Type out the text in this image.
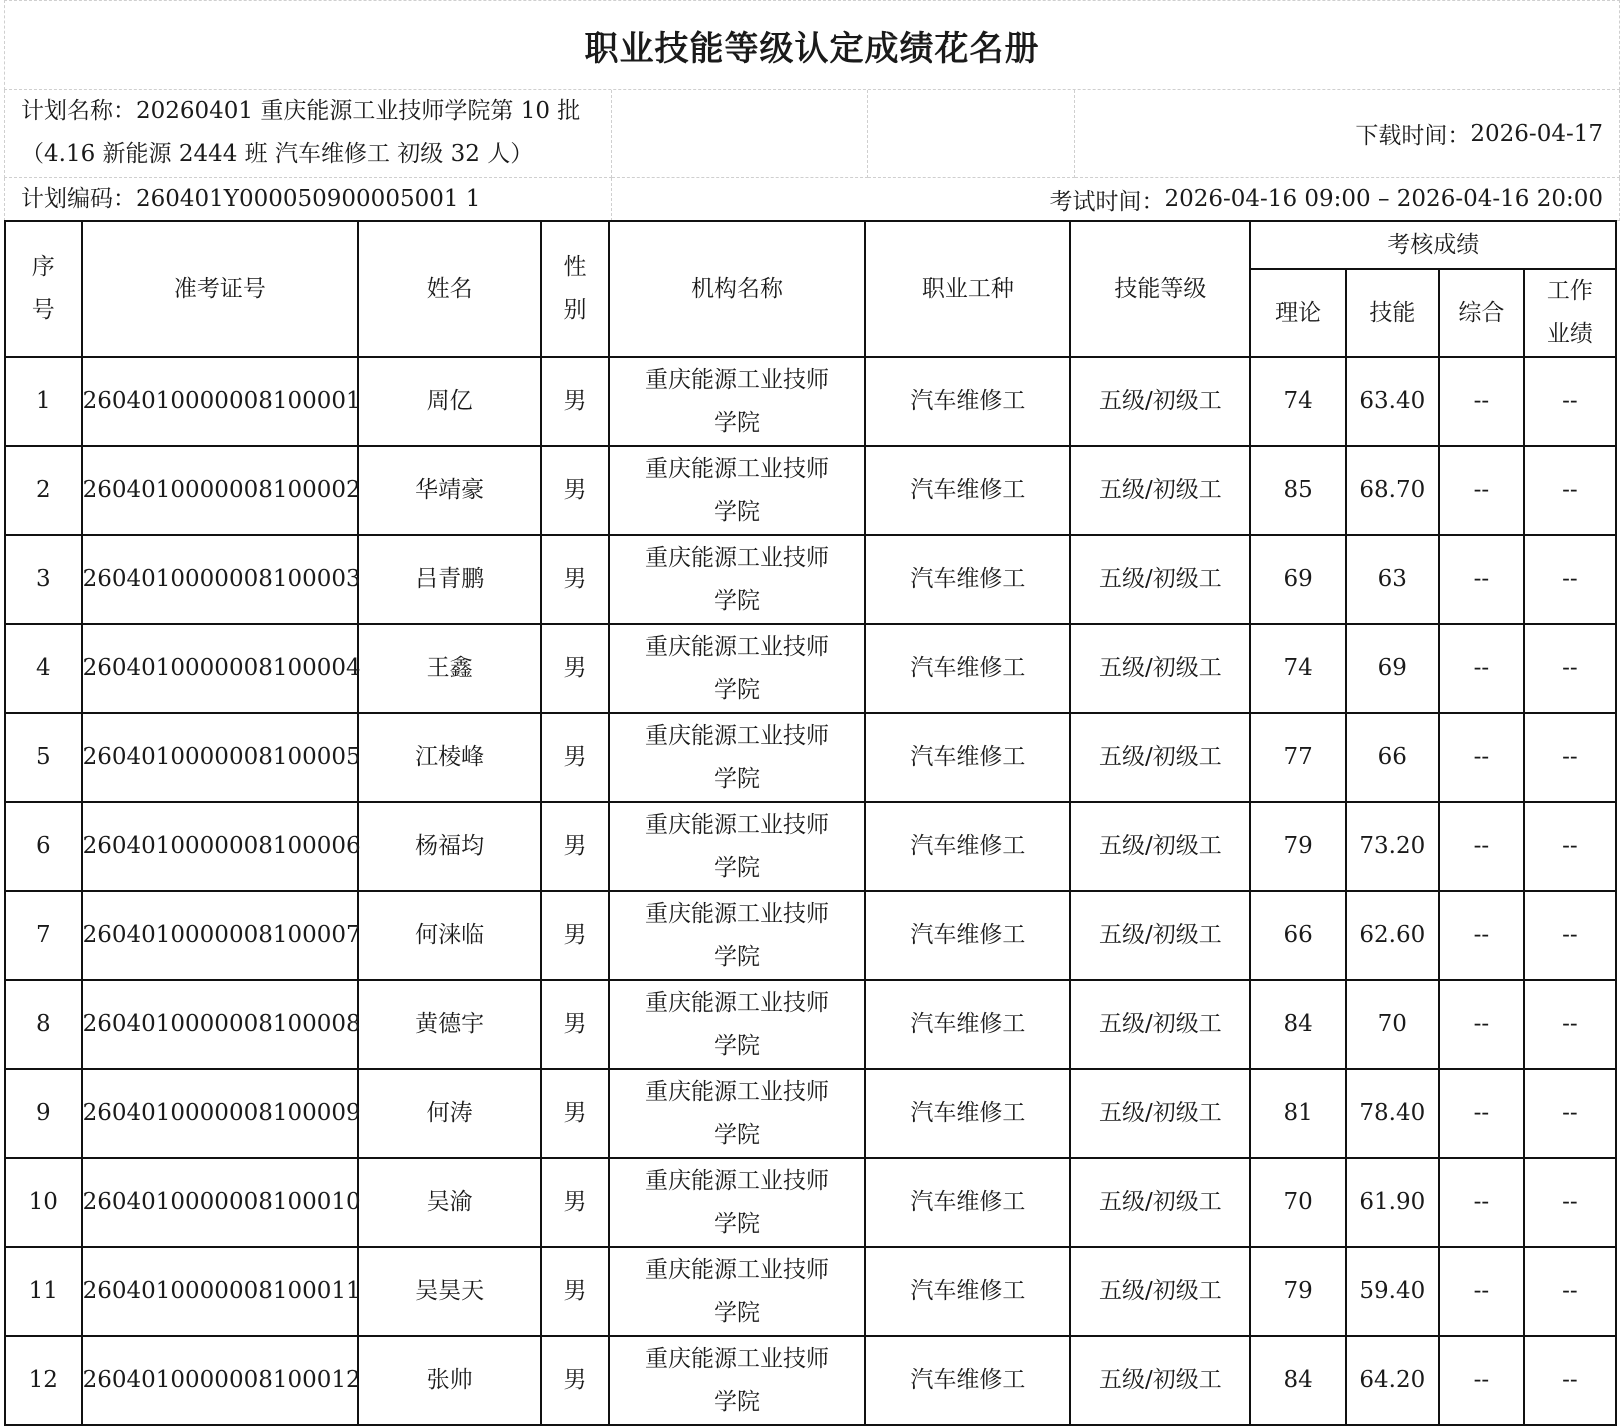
职业技能等级认定成绩花名册
计划名称：20260401 重庆能源工业技师学院第 10 批
（4.16 新能源 2444 班 汽车维修工 初级 32 人）
下载时间： 2026-04-17
计划编码：260401Y000050900005001 1	考试时间： 2026-04-16 09:00 – 2026-04-16 20:00
序
号	准考证号	姓名	性
别	机构名称	职业工种	技能等级	考核成绩			
							理论	技能	综合	工作
业绩
1	2604010000008100001	周亿	男	重庆能源工业技师
学院	汽车维修工	五级/初级工	74	63.40	--	--
2	2604010000008100002	华靖豪	男	重庆能源工业技师
学院	汽车维修工	五级/初级工	85	68.70	--	--
3	2604010000008100003	吕青鹏	男	重庆能源工业技师
学院	汽车维修工	五级/初级工	69	63	--	--
4	2604010000008100004	王鑫	男	重庆能源工业技师
学院	汽车维修工	五级/初级工	74	69	--	--
5	2604010000008100005	江棱峰	男	重庆能源工业技师
学院	汽车维修工	五级/初级工	77	66	--	--
6	2604010000008100006	杨福均	男	重庆能源工业技师
学院	汽车维修工	五级/初级工	79	73.20	--	--
7	2604010000008100007	何涞临	男	重庆能源工业技师
学院	汽车维修工	五级/初级工	66	62.60	--	--
8	2604010000008100008	黄德宇	男	重庆能源工业技师
学院	汽车维修工	五级/初级工	84	70	--	--
9	2604010000008100009	何涛	男	重庆能源工业技师
学院	汽车维修工	五级/初级工	81	78.40	--	--
10	2604010000008100010	吴渝	男	重庆能源工业技师
学院	汽车维修工	五级/初级工	70	61.90	--	--
11	2604010000008100011	吴昊天	男	重庆能源工业技师
学院	汽车维修工	五级/初级工	79	59.40	--	--
12	2604010000008100012	张帅	男	重庆能源工业技师
学院	汽车维修工	五级/初级工	84	64.20	--	--
